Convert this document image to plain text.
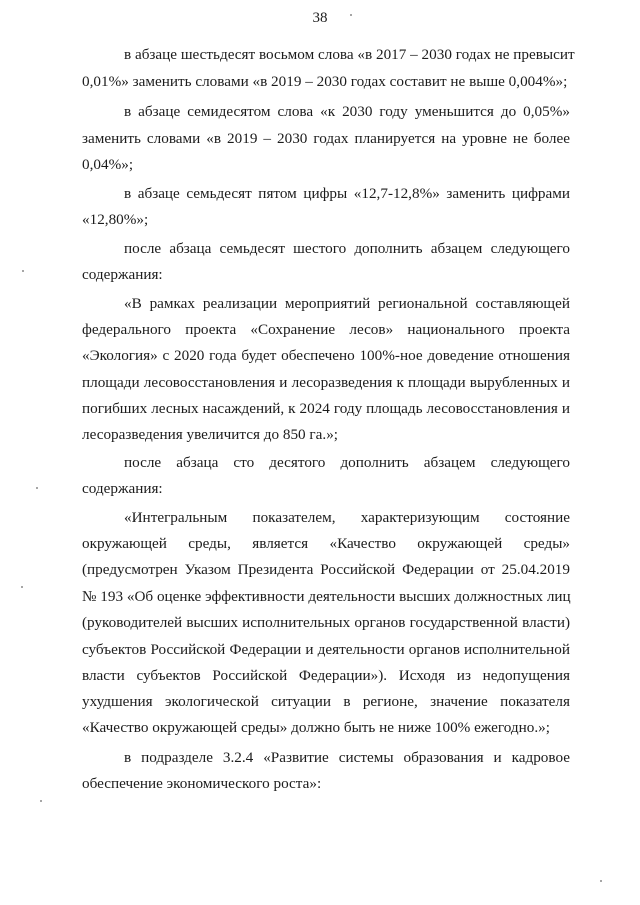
38
в абзаце шестьдесят восьмом слова «в 2017 – 2030 годах не превысит
0,01%» заменить словами «в 2019 – 2030 годах составит не выше 0,004%»;
в абзаце семидесятом слова «к 2030 году уменьшится до 0,05%»
заменить словами «в 2019 – 2030 годах планируется на уровне не более
0,04%»;
в абзаце семьдесят пятом цифры «12,7-12,8%» заменить цифрами
«12,80%»;
после абзаца семьдесят шестого дополнить абзацем следующего
содержания:
«В рамках реализации мероприятий региональной составляющей
федерального проекта «Сохранение лесов» национального проекта
«Экология» с 2020 года будет обеспечено 100%-ное доведение отношения
площади лесовосстановления и лесоразведения к площади вырубленных и
погибших лесных насаждений, к 2024 году площадь лесовосстановления и
лесоразведения увеличится до 850 га.»;
после абзаца сто десятого дополнить абзацем следующего
содержания:
«Интегральным показателем, характеризующим состояние
окружающей среды, является «Качество окружающей среды»
(предусмотрен Указом Президента Российской Федерации от 25.04.2019
№ 193 «Об оценке эффективности деятельности высших должностных лиц
(руководителей высших исполнительных органов государственной власти)
субъектов Российской Федерации и деятельности органов исполнительной
власти субъектов Российской Федерации»). Исходя из недопущения
ухудшения экологической ситуации в регионе, значение показателя
«Качество окружающей среды» должно быть не ниже 100% ежегодно.»;
в подразделе 3.2.4 «Развитие системы образования и кадровое
обеспечение экономического роста»:
